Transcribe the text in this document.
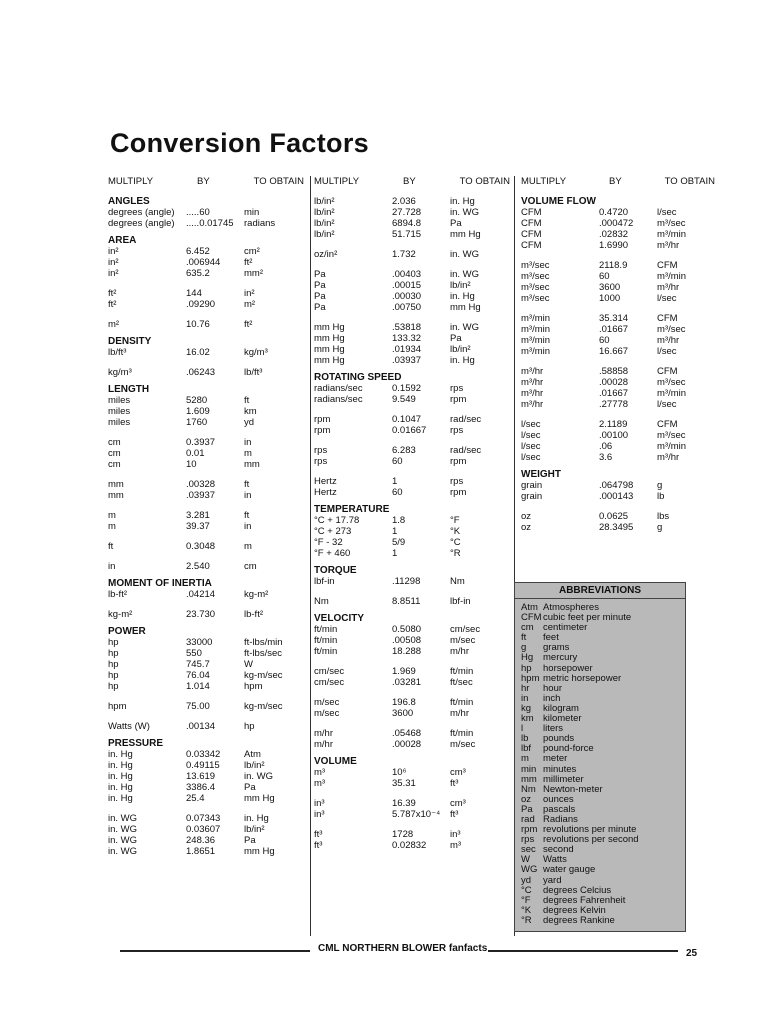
Conversion Factors
MULTIPLY	BY	TO OBTAIN
ANGLES
degrees (angle)	.....60	min
degrees (angle)	.....0.01745	radians
AREA
in²	6.452	cm²
in²	.006944	ft²
in²	635.2	mm²
ft²	144	in²
ft²	.09290	m²
m²	10.76	ft²
DENSITY
lb/ft³	16.02	kg/m³
kg/m³	.06243	lb/ft³
LENGTH
miles	5280	ft
miles	1.609	km
miles	1760	yd
cm	0.3937	in
cm	0.01	m
cm	10	mm
mm	.00328	ft
mm	.03937	in
m	3.281	ft
m	39.37	in
ft	0.3048	m
in	2.540	cm
MOMENT OF INERTIA
lb-ft²	.04214	kg-m²
kg-m²	23.730	lb-ft²
POWER
hp	33000	ft-lbs/min
hp	550	ft-lbs/sec
hp	745.7	W
hp	76.04	kg-m/sec
hp	1.014	hpm
hpm	75.00	kg-m/sec
Watts (W)	.00134	hp
PRESSURE
in. Hg	0.03342	Atm
in. Hg	0.49115	lb/in²
in. Hg	13.619	in. WG
in. Hg	3386.4	Pa
in. Hg	25.4	mm Hg
in. WG	0.07343	in. Hg
in. WG	0.03607	lb/in²
in. WG	248.36	Pa
in. WG	1.8651	mm Hg
MULTIPLY	BY	TO OBTAIN
lb/in²	2.036	in. Hg
lb/in²	27.728	in. WG
lb/in²	6894.8	Pa
lb/in²	51.715	mm Hg
oz/in²	1.732	in. WG
Pa	.00403	in. WG
Pa	.00015	lb/in²
Pa	.00030	in. Hg
Pa	.00750	mm Hg
mm Hg	.53818	in. WG
mm Hg	133.32	Pa
mm Hg	.01934	lb/in²
mm Hg	.03937	in. Hg
ROTATING SPEED
radians/sec	0.1592	rps
radians/sec	9.549	rpm
rpm	0.1047	rad/sec
rpm	0.01667	rps
rps	6.283	rad/sec
rps	60	rpm
Hertz	1	rps
Hertz	60	rpm
TEMPERATURE
°C + 17.78	1.8	°F
°C + 273	1	°K
°F - 32	5/9	°C
°F + 460	1	°R
TORQUE
lbf-in	.11298	Nm
Nm	8.8511	lbf-in
VELOCITY
ft/min	0.5080	cm/sec
ft/min	.00508	m/sec
ft/min	18.288	m/hr
cm/sec	1.969	ft/min
cm/sec	.03281	ft/sec
m/sec	196.8	ft/min
m/sec	3600	m/hr
m/hr	.05468	ft/min
m/hr	.00028	m/sec
VOLUME
m³	10⁶	cm³
m³	35.31	ft³
in³	16.39	cm³
in³	5.787x10⁻⁴	ft³
ft³	1728	in³
ft³	0.02832	m³
MULTIPLY	BY	TO OBTAIN
VOLUME FLOW
CFM	0.4720	l/sec
CFM	.000472	m³/sec
CFM	.02832	m³/min
CFM	1.6990	m³/hr
m³/sec	2118.9	CFM
m³/sec	60	m³/min
m³/sec	3600	m³/hr
m³/sec	1000	l/sec
m³/min	35.314	CFM
m³/min	.01667	m³/sec
m³/min	60	m³/hr
m³/min	16.667	l/sec
m³/hr	.58858	CFM
m³/hr	.00028	m³/sec
m³/hr	.01667	m³/min
m³/hr	.27778	l/sec
l/sec	2.1189	CFM
l/sec	.00100	m³/sec
l/sec	.06	m³/min
l/sec	3.6	m³/hr
WEIGHT
grain	.064798	g
grain	.000143	lb
oz	0.0625	lbs
oz	28.3495	g
ABBREVIATIONS
Atm Atmospheres
CFM cubic feet per minute
cm centimeter
ft	feet
g	grams
Hg	mercury
hp	horsepower
hpm metric horsepower
hr	hour
in	inch
kg	kilogram
km kilometer
l	liters
lb	pounds
lbf	pound-force
m	meter
min minutes
mm millimeter
Nm Newton-meter
oz	ounces
Pa	pascals
rad Radians
rpm revolutions per minute
rps revolutions per second
sec second
W	Watts
WG water gauge
yd	yard
°C	degrees Celcius
°F	degrees Fahrenheit
°K	degrees Kelvin
°R	degrees Rankine
CML NORTHERN BLOWER fanfacts	25
